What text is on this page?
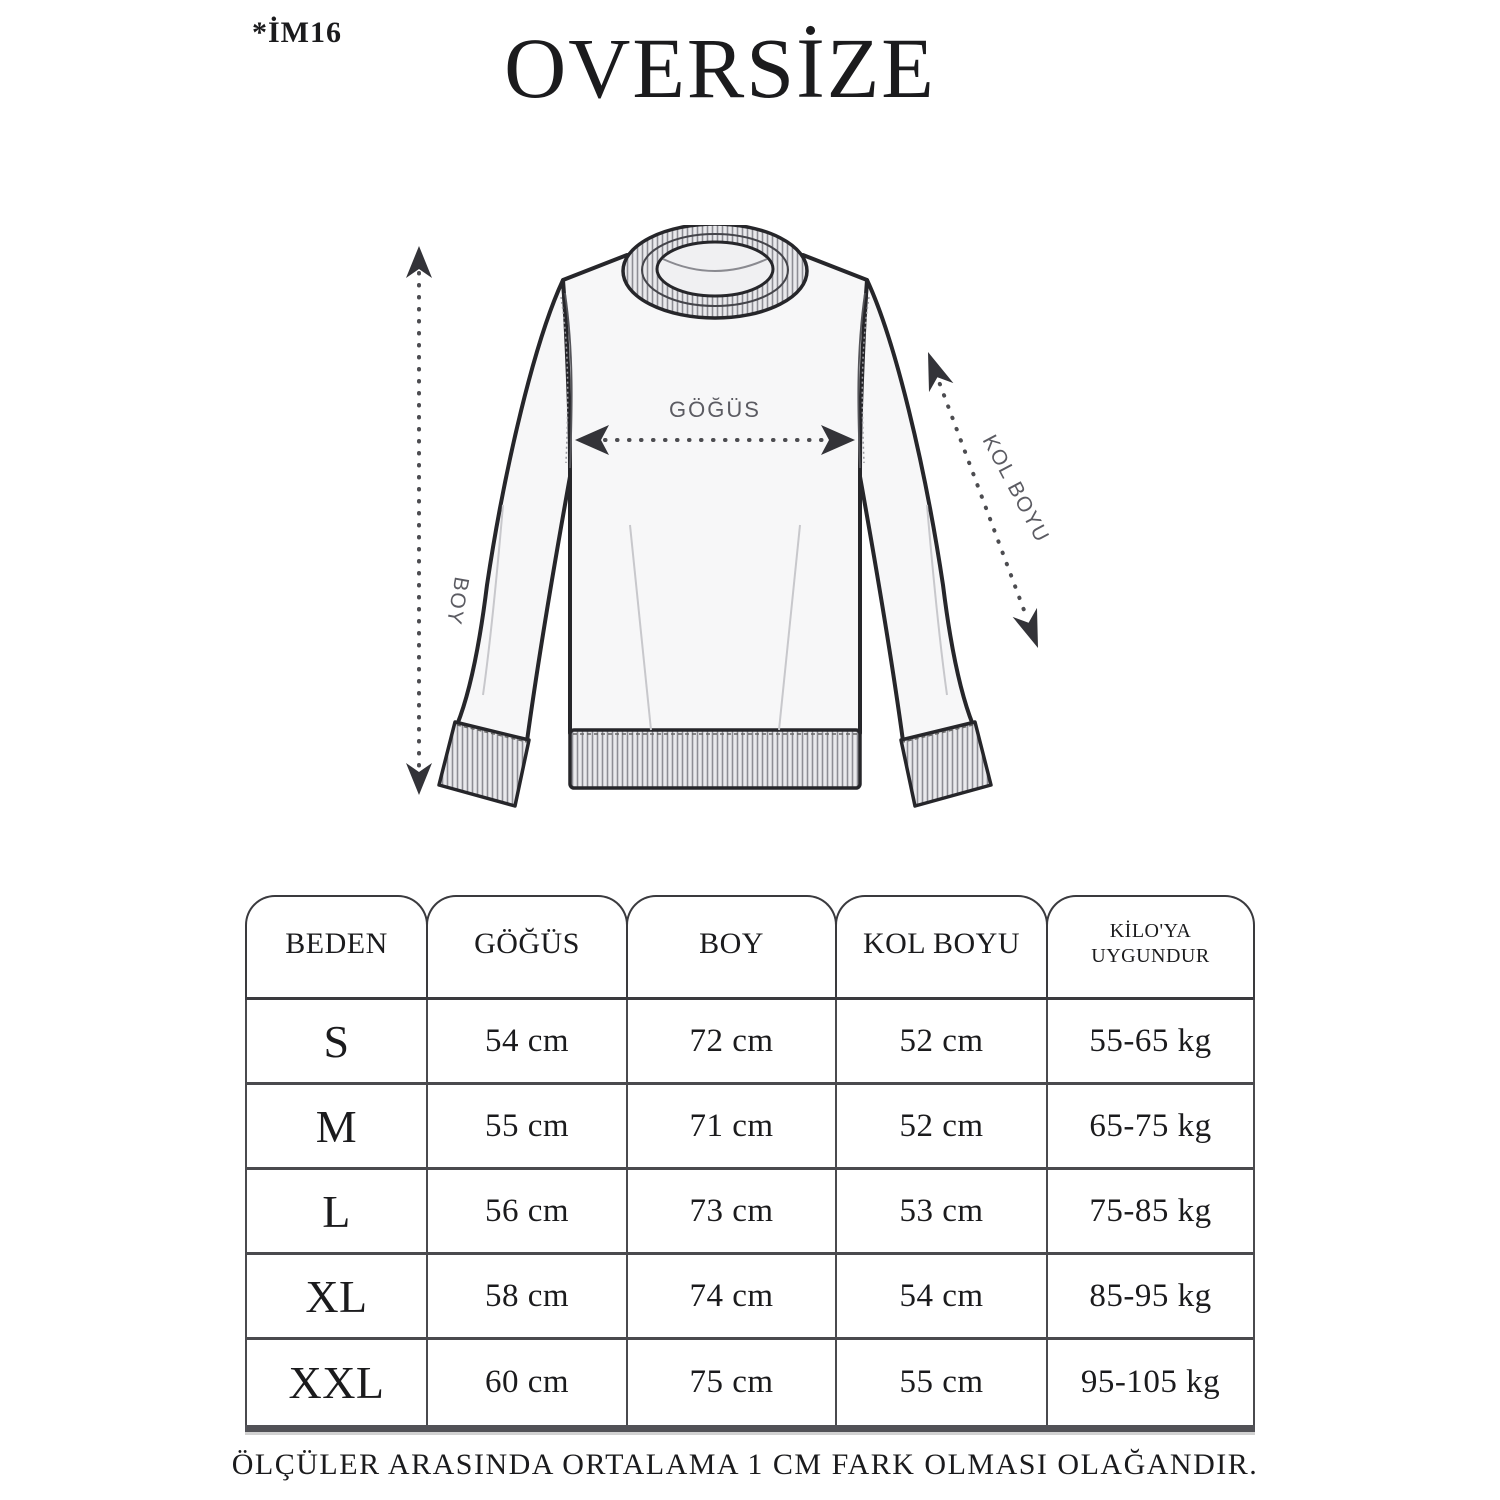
*İM16	OVERSİZE
BOY
GÖĞÜS
KOL BOYU
BEDEN	GÖĞÜS	BOY	KOL BOYU	KİLO'YA UYGUNDUR
S	54 cm	72 cm	52 cm	55-65 kg
M	55 cm	71 cm	52 cm	65-75 kg
L	56 cm	73 cm	53 cm	75-85 kg
XL	58 cm	74 cm	54 cm	85-95 kg
XXL	60 cm	75 cm	55 cm	95-105 kg
ÖLÇÜLER ARASINDA ORTALAMA 1 CM FARK OLMASI OLAĞANDIR.
